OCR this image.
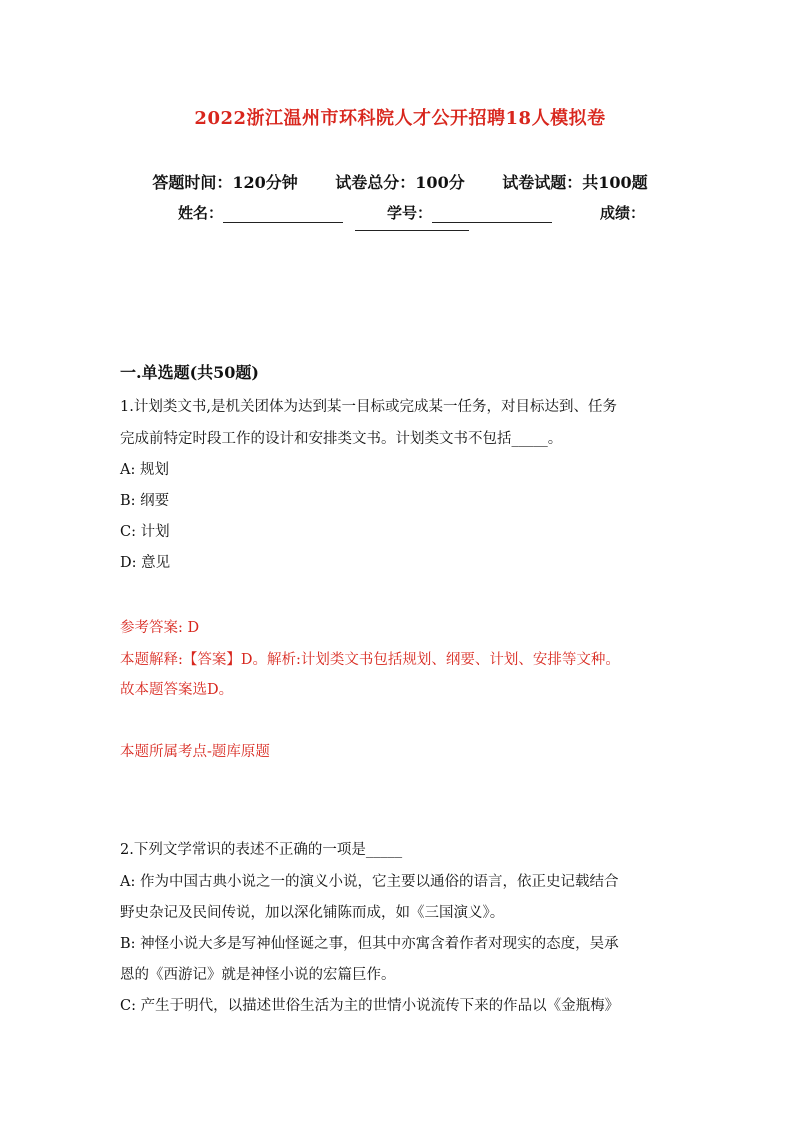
2022浙江温州市环科院人才公开招聘18人模拟卷
答题时间：120分钟 试卷总分：100分 试卷试题：共100题
姓名：	学号：	成绩：
一.单选题(共50题)
1.计划类文书,是机关团体为达到某一目标或完成某一任务，对目标达到、任务
完成前特定时段工作的设计和安排类文书。计划类文书不包括_____。
A: 规划
B: 纲要
C: 计划
D: 意见
参考答案: D
本题解释:【答案】D。解析:计划类文书包括规划、纲要、计划、安排等文种。
故本题答案选D。
本题所属考点-题库原题
2.下列文学常识的表述不正确的一项是_____
A: 作为中国古典小说之一的演义小说，它主要以通俗的语言，依正史记载结合
野史杂记及民间传说，加以深化铺陈而成，如《三国演义》。
B: 神怪小说大多是写神仙怪诞之事，但其中亦寓含着作者对现实的态度，吴承
恩的《西游记》就是神怪小说的宏篇巨作。
C: 产生于明代，以描述世俗生活为主的世情小说流传下来的作品以《金瓶梅》
